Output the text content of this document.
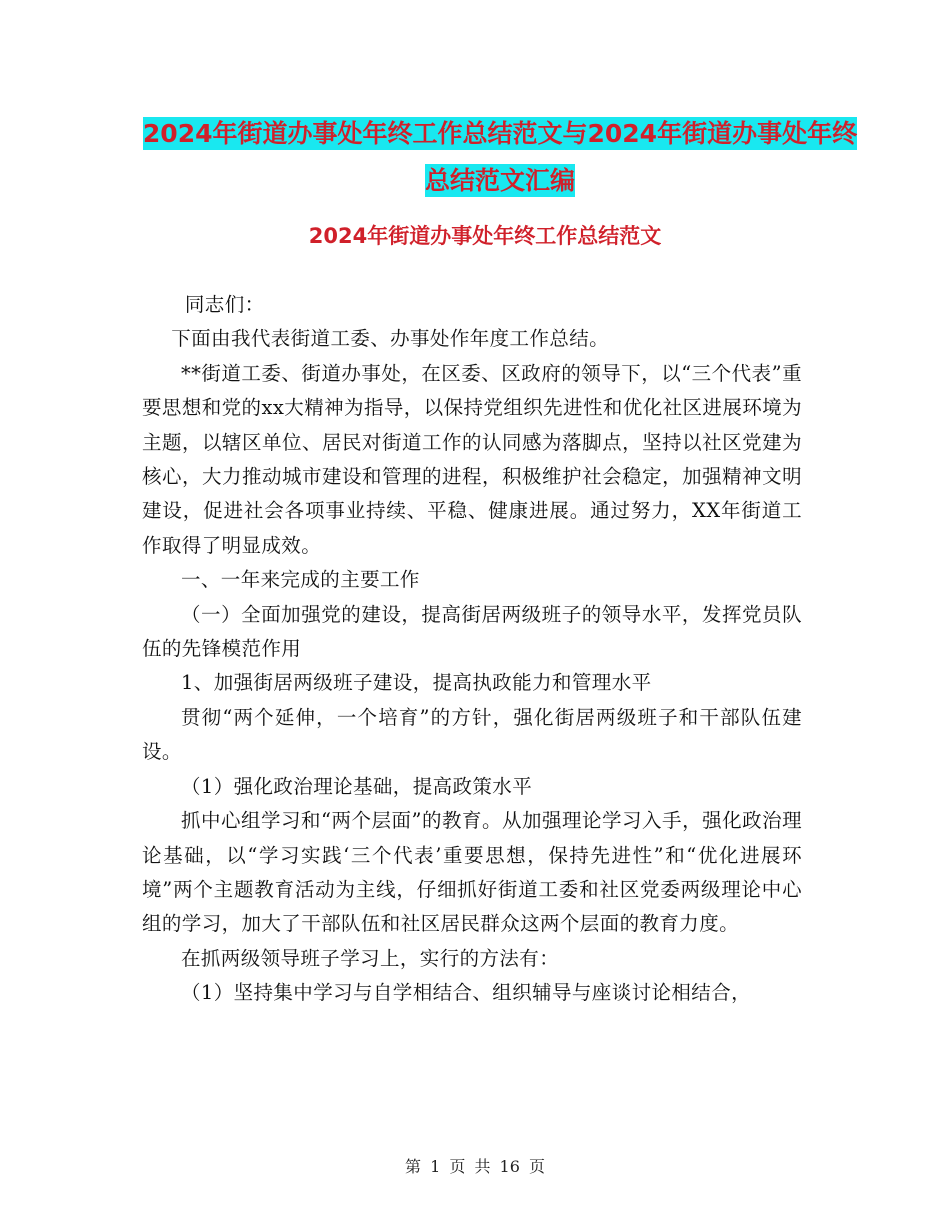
2024年街道办事处年终工作总结范文与2024年街道办事处年终总结范文汇编
2024年街道办事处年终工作总结范文

同志们：

下面由我代表街道工委、办事处作年度工作总结。

**街道工委、街道办事处，在区委、区政府的领导下，以“三个代表”重要思想和党的xx大精神为指导，以保持党组织先进性和优化社区进展环境为主题，以辖区单位、居民对街道工作的认同感为落脚点，坚持以社区党建为核心，大力推动城市建设和管理的进程，积极维护社会稳定，加强精神文明建设，促进社会各项事业持续、平稳、健康进展。通过努力，XX年街道工作取得了明显成效。

一、一年来完成的主要工作

（一）全面加强党的建设，提高街居两级班子的领导水平，发挥党员队伍的先锋模范作用

1、加强街居两级班子建设，提高执政能力和管理水平

贯彻“两个延伸，一个培育”的方针，强化街居两级班子和干部队伍建设。

（1）强化政治理论基础，提高政策水平

抓中心组学习和“两个层面”的教育。从加强理论学习入手，强化政治理论基础，以“学习实践‘三个代表’重要思想，保持先进性”和“优化进展环境”两个主题教育活动为主线，仔细抓好街道工委和社区党委两级理论中心组的学习，加大了干部队伍和社区居民群众这两个层面的教育力度。

在抓两级领导班子学习上，实行的方法有：

（1）坚持集中学习与自学相结合、组织辅导与座谈讨论相结合，

第 1 页 共 16 页
